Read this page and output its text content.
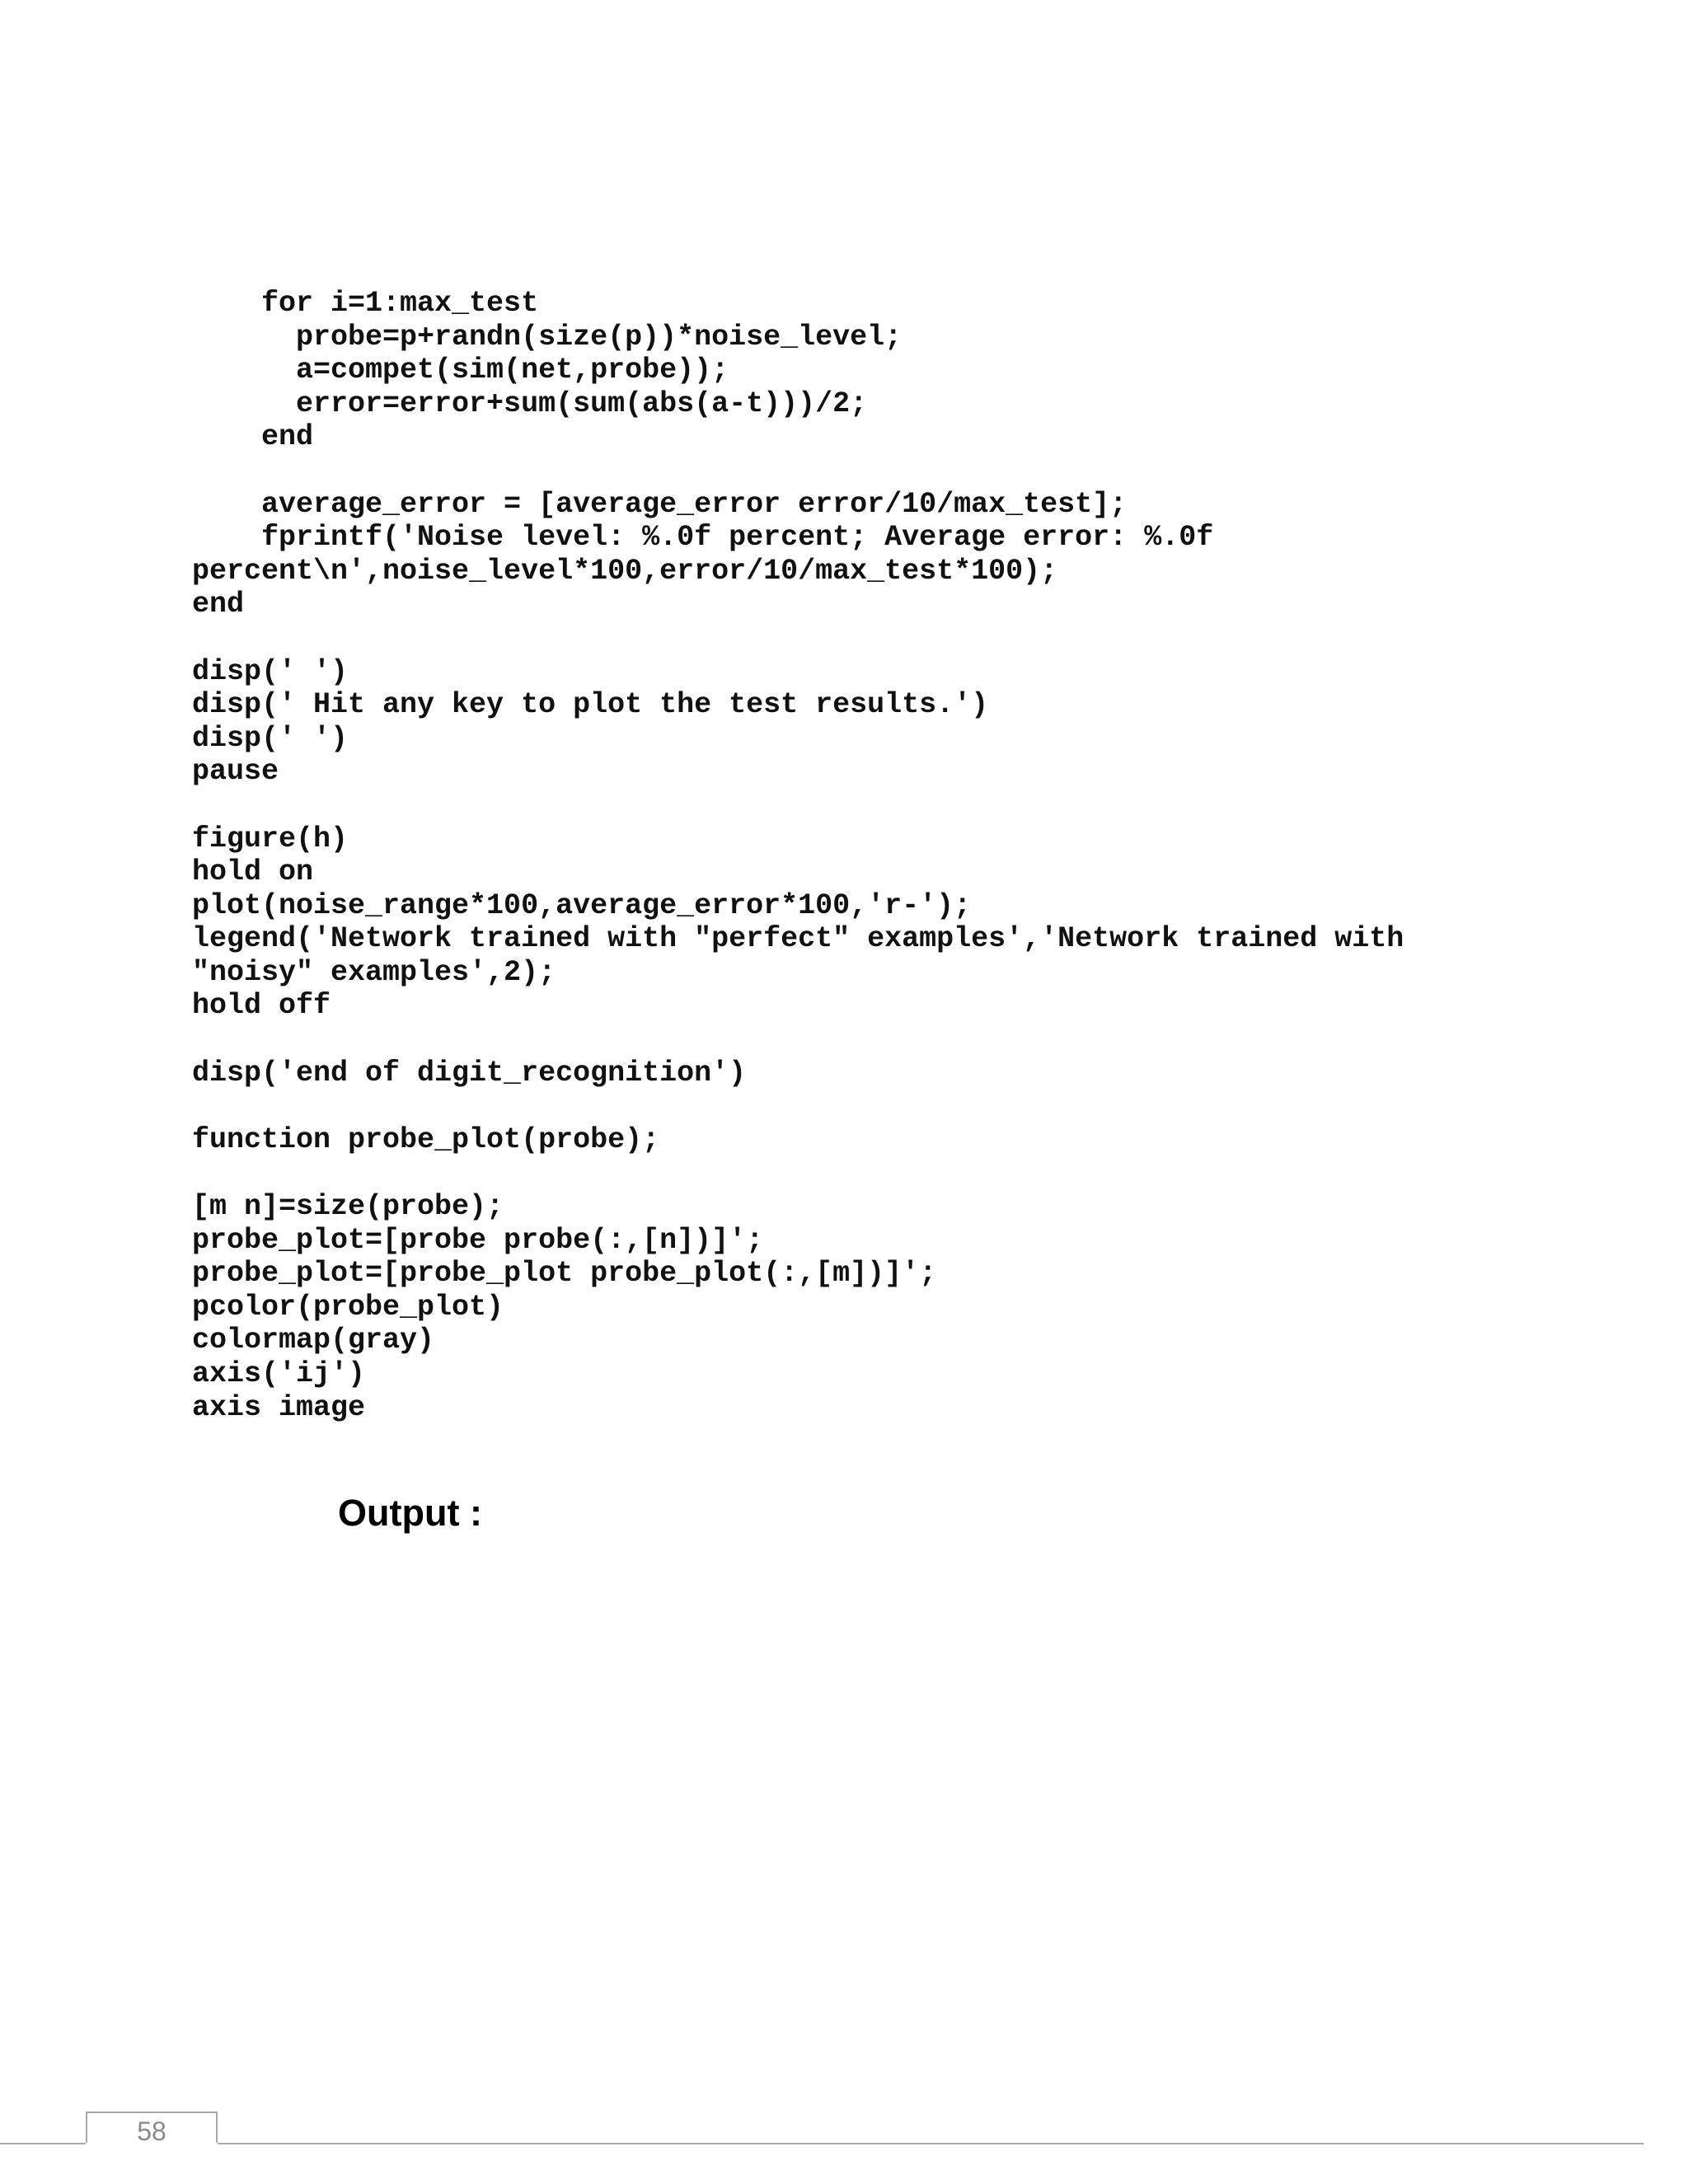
for i=1:max_test
probe=p+randn(size(p))*noise_level;
a=compet(sim(net,probe));
error=error+sum(sum(abs(a-t)))/2;
end
average_error = [average_error error/10/max_test];
fprintf('Noise level: %.0f percent; Average error: %.0f
percent\n',noise_level*100,error/10/max_test*100);
end
disp(' ')
disp(' Hit any key to plot the test results.')
disp(' ')
pause
figure(h)
hold on
plot(noise_range*100,average_error*100,'r-');
legend('Network trained with "perfect" examples','Network trained with
"noisy" examples',2);
hold off
disp('end of digit_recognition')
function probe_plot(probe);
[m n]=size(probe);
probe_plot=[probe probe(:,[n])]';
probe_plot=[probe_plot probe_plot(:,[m])]';
pcolor(probe_plot)
colormap(gray)
axis('ij')
axis image
Output :
58
